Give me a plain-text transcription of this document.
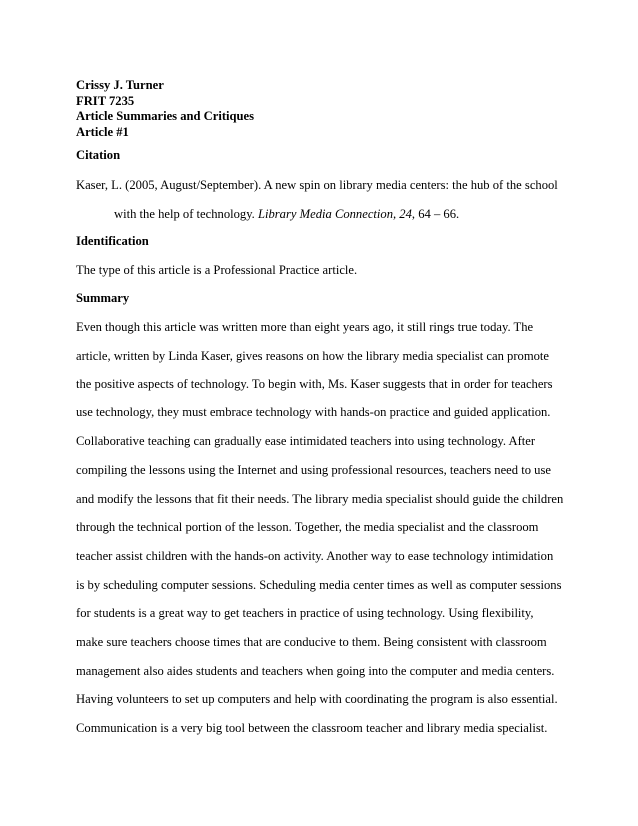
Crissy J. Turner
FRIT 7235
Article Summaries and Critiques
Article #1
Citation
Kaser, L. (2005, August/September). A new spin on library media centers: the hub of the school
with the help of technology. Library Media Connection, 24, 64 – 66.
Identification
The type of this article is a Professional Practice article.
Summary
Even though this article was written more than eight years ago, it still rings true today. The
article, written by Linda Kaser, gives reasons on how the library media specialist can promote
the positive aspects of technology. To begin with, Ms. Kaser suggests that in order for teachers
use technology, they must embrace technology with hands-on practice and guided application.
Collaborative teaching can gradually ease intimidated teachers into using technology. After
compiling the lessons using the Internet and using professional resources, teachers need to use
and modify the lessons that fit their needs. The library media specialist should guide the children
through the technical portion of the lesson. Together, the media specialist and the classroom
teacher assist children with the hands-on activity. Another way to ease technology intimidation
is by scheduling computer sessions. Scheduling media center times as well as computer sessions
for students is a great way to get teachers in practice of using technology. Using flexibility,
make sure teachers choose times that are conducive to them. Being consistent with classroom
management also aides students and teachers when going into the computer and media centers.
Having volunteers to set up computers and help with coordinating the program is also essential.
Communication is a very big tool between the classroom teacher and library media specialist.
